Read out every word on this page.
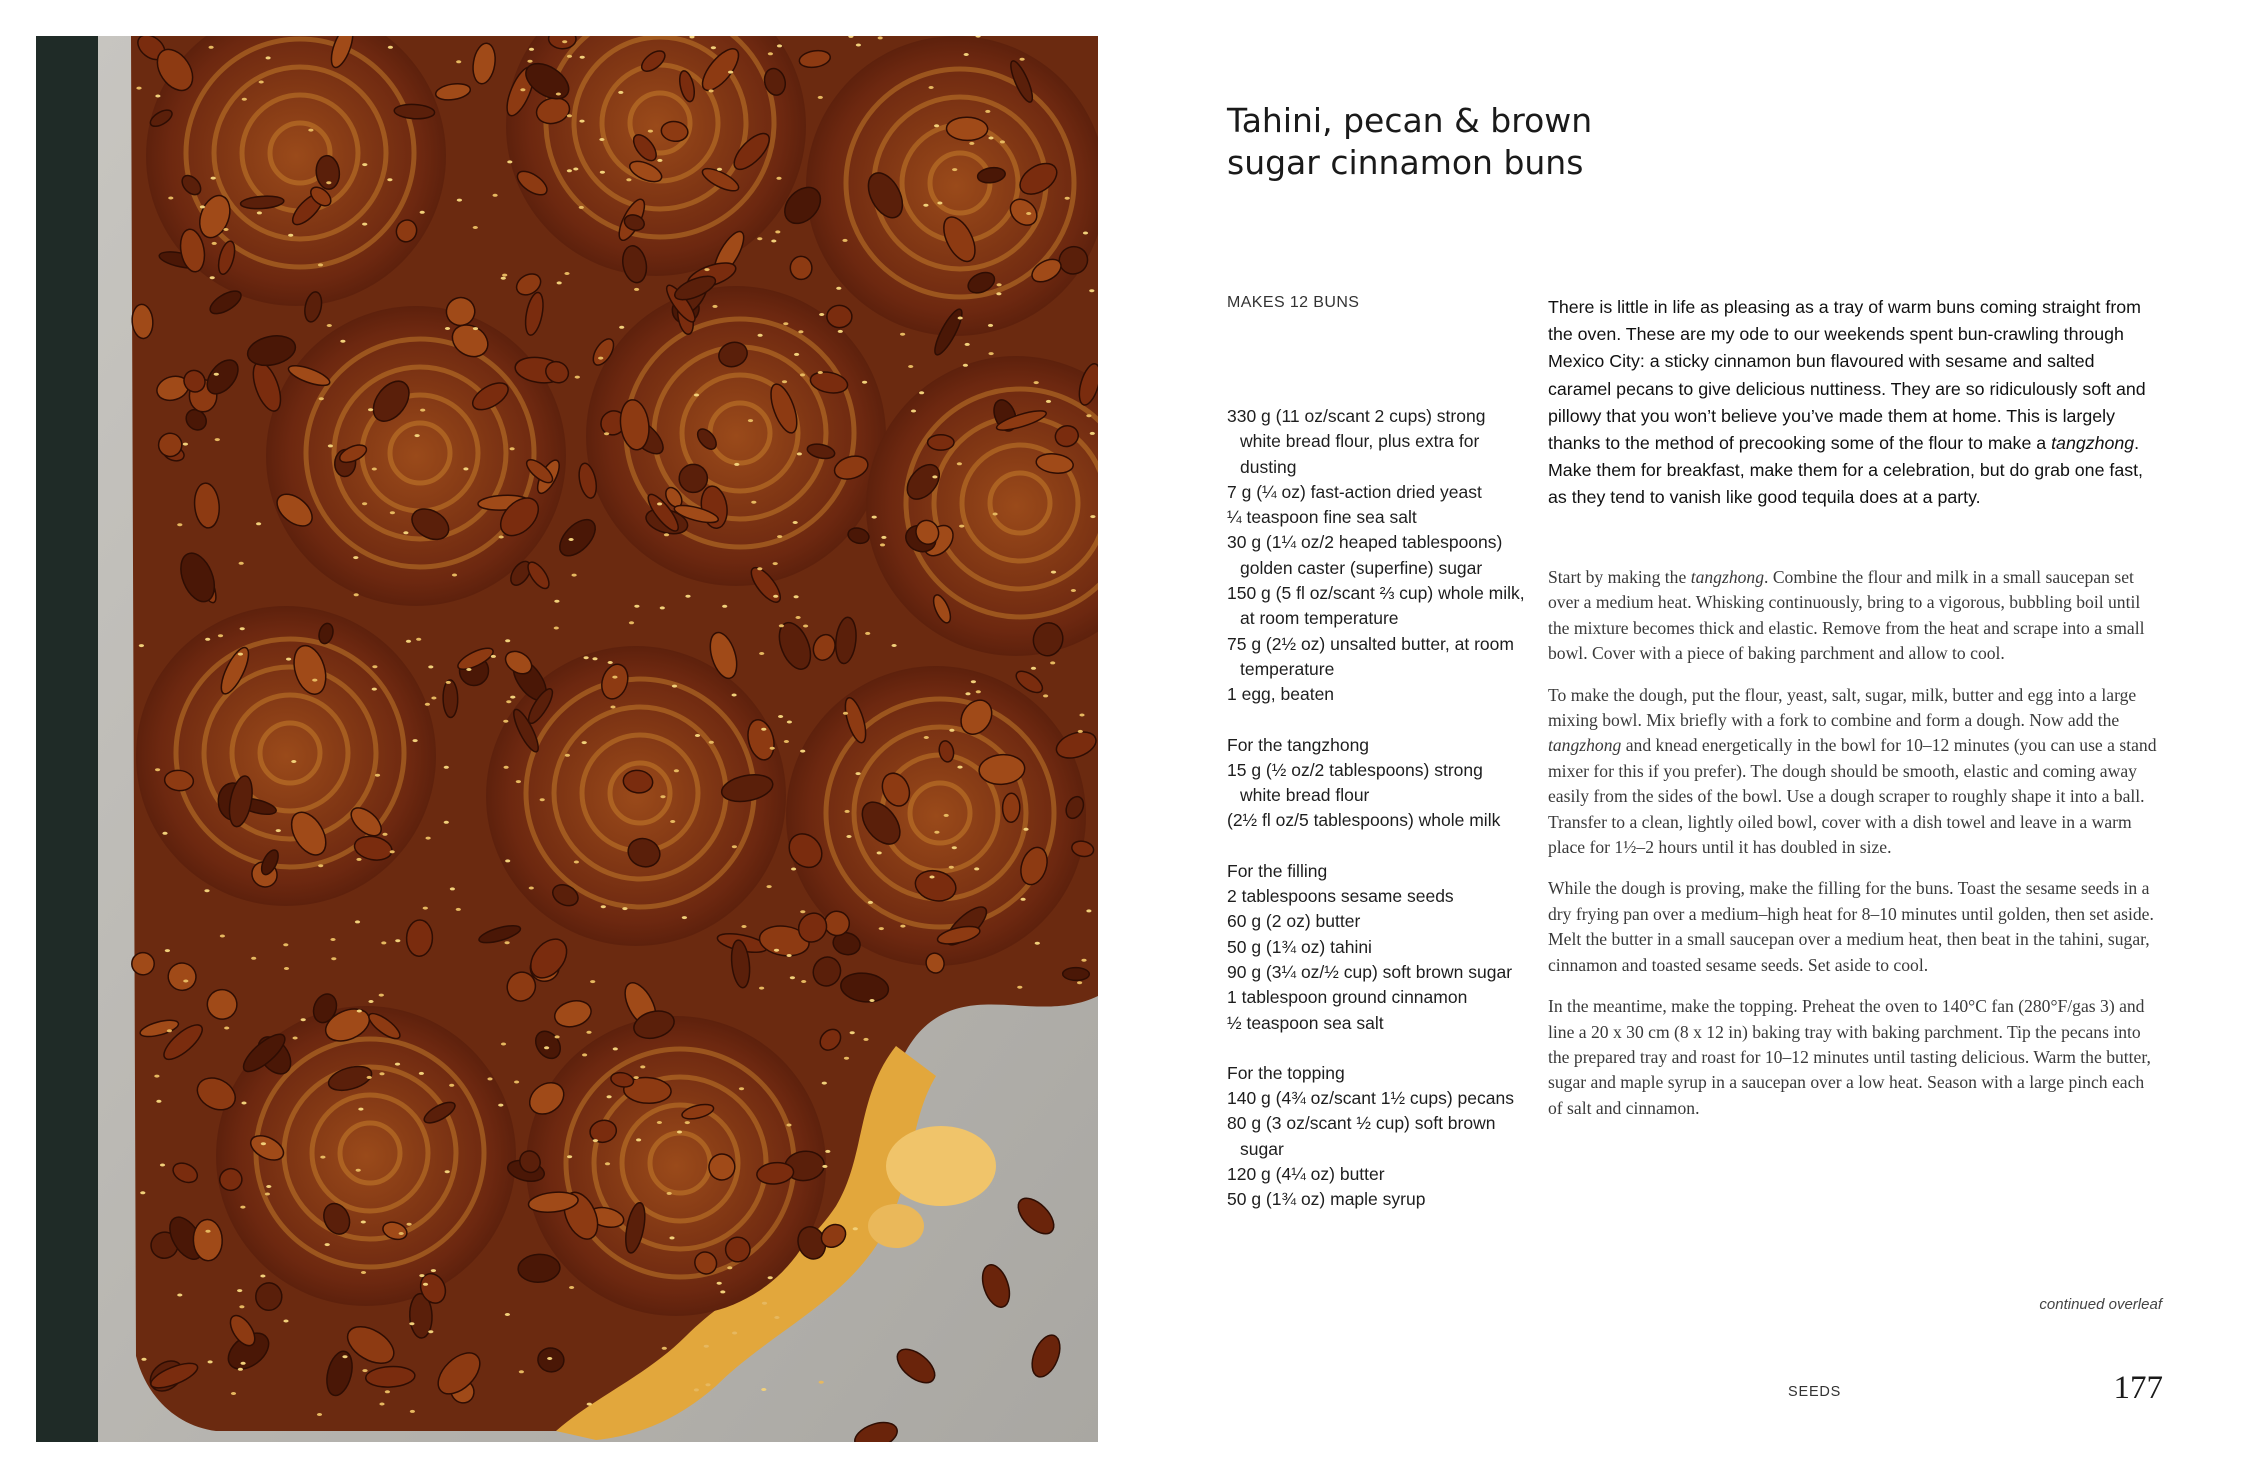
Tahini, pecan & brown
sugar cinnamon buns
MAKES 12 BUNS
330 g (11 oz/scant 2 cups) strong white bread flour, plus extra for dusting
7 g (¼ oz) fast-action dried yeast
¼ teaspoon fine sea salt
30 g (1¼ oz/2 heaped tablespoons) golden caster (superfine) sugar
150 g (5 fl oz/scant ⅔ cup) whole milk, at room temperature
75 g (2½ oz) unsalted butter, at room temperature
1 egg, beaten
For the tangzhong
15 g (½ oz/2 tablespoons) strong white bread flour
(2½ fl oz/5 tablespoons) whole milk
For the filling
2 tablespoons sesame seeds
60 g (2 oz) butter
50 g (1¾ oz) tahini
90 g (3¼ oz/½ cup) soft brown sugar
1 tablespoon ground cinnamon
½ teaspoon sea salt
For the topping
140 g (4¾ oz/scant 1½ cups) pecans
80 g (3 oz/scant ½ cup) soft brown sugar
120 g (4¼ oz) butter
50 g (1¾ oz) maple syrup

There is little in life as pleasing as a tray of warm buns coming straight from the oven. These are my ode to our weekends spent bun-crawling through Mexico City: a sticky cinnamon bun flavoured with sesame and salted caramel pecans to give delicious nuttiness. They are so ridiculously soft and pillowy that you won’t believe you’ve made them at home. This is largely thanks to the method of precooking some of the flour to make a tangzhong. Make them for breakfast, make them for a celebration, but do grab one fast, as they tend to vanish like good tequila does at a party.

Start by making the tangzhong. Combine the flour and milk in a small saucepan set over a medium heat. Whisking continuously, bring to a vigorous, bubbling boil until the mixture becomes thick and elastic. Remove from the heat and scrape into a small bowl. Cover with a piece of baking parchment and allow to cool.

To make the dough, put the flour, yeast, salt, sugar, milk, butter and egg into a large mixing bowl. Mix briefly with a fork to combine and form a dough. Now add the tangzhong and knead energetically in the bowl for 10–12 minutes (you can use a stand mixer for this if you prefer). The dough should be smooth, elastic and coming away easily from the sides of the bowl. Use a dough scraper to roughly shape it into a ball. Transfer to a clean, lightly oiled bowl, cover with a dish towel and leave in a warm place for 1½–2 hours until it has doubled in size.

While the dough is proving, make the filling for the buns. Toast the sesame seeds in a dry frying pan over a medium–high heat for 8–10 minutes until golden, then set aside. Melt the butter in a small saucepan over a medium heat, then beat in the tahini, sugar, cinnamon and toasted sesame seeds. Set aside to cool.

In the meantime, make the topping. Preheat the oven to 140°C fan (280°F/gas 3) and line a 20 x 30 cm (8 x 12 in) baking tray with baking parchment. Tip the pecans into the prepared tray and roast for 10–12 minutes until tasting delicious. Warm the butter, sugar and maple syrup in a saucepan over a low heat. Season with a large pinch each of salt and cinnamon.

continued overleaf
SEEDS	177
